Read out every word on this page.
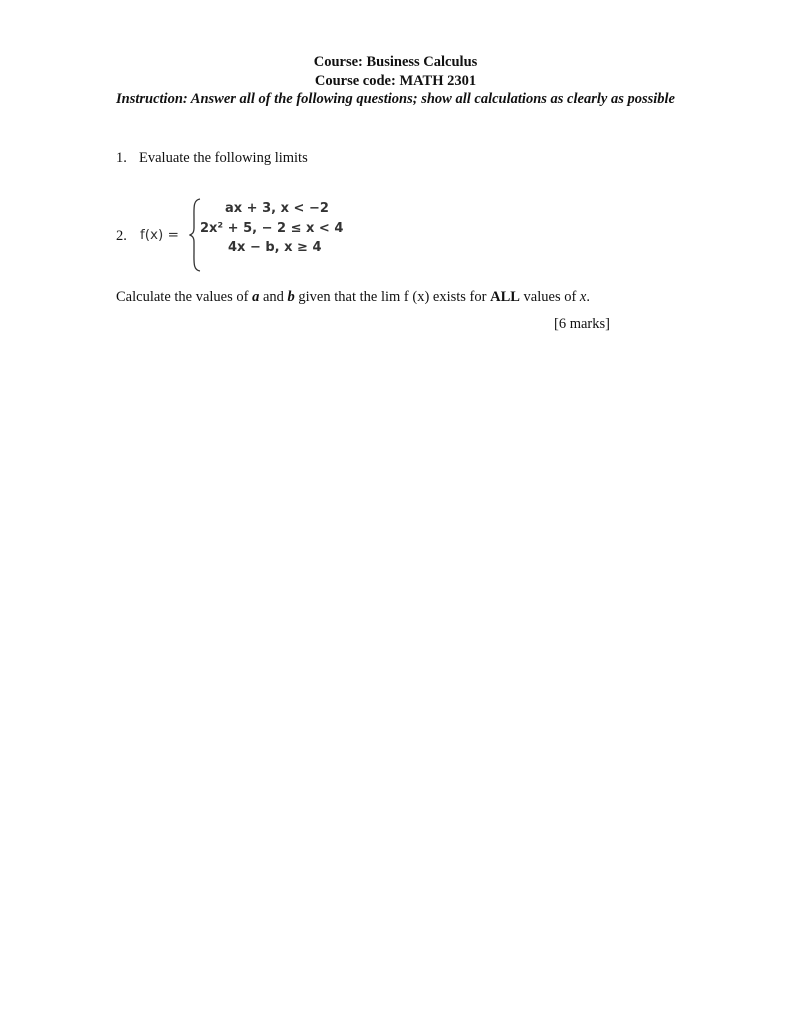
Course: Business Calculus
Course code: MATH 2301
Instruction: Answer all of the following questions; show all calculations as clearly as possible
1. Evaluate the following limits
2. f(x) =
ax + 3, x < −2
2x² + 5, − 2 ≤ x < 4
4x − b, x ≥ 4
Calculate the values of a and b given that the lim f (x) exists for ALL values of x.
[6 marks]
